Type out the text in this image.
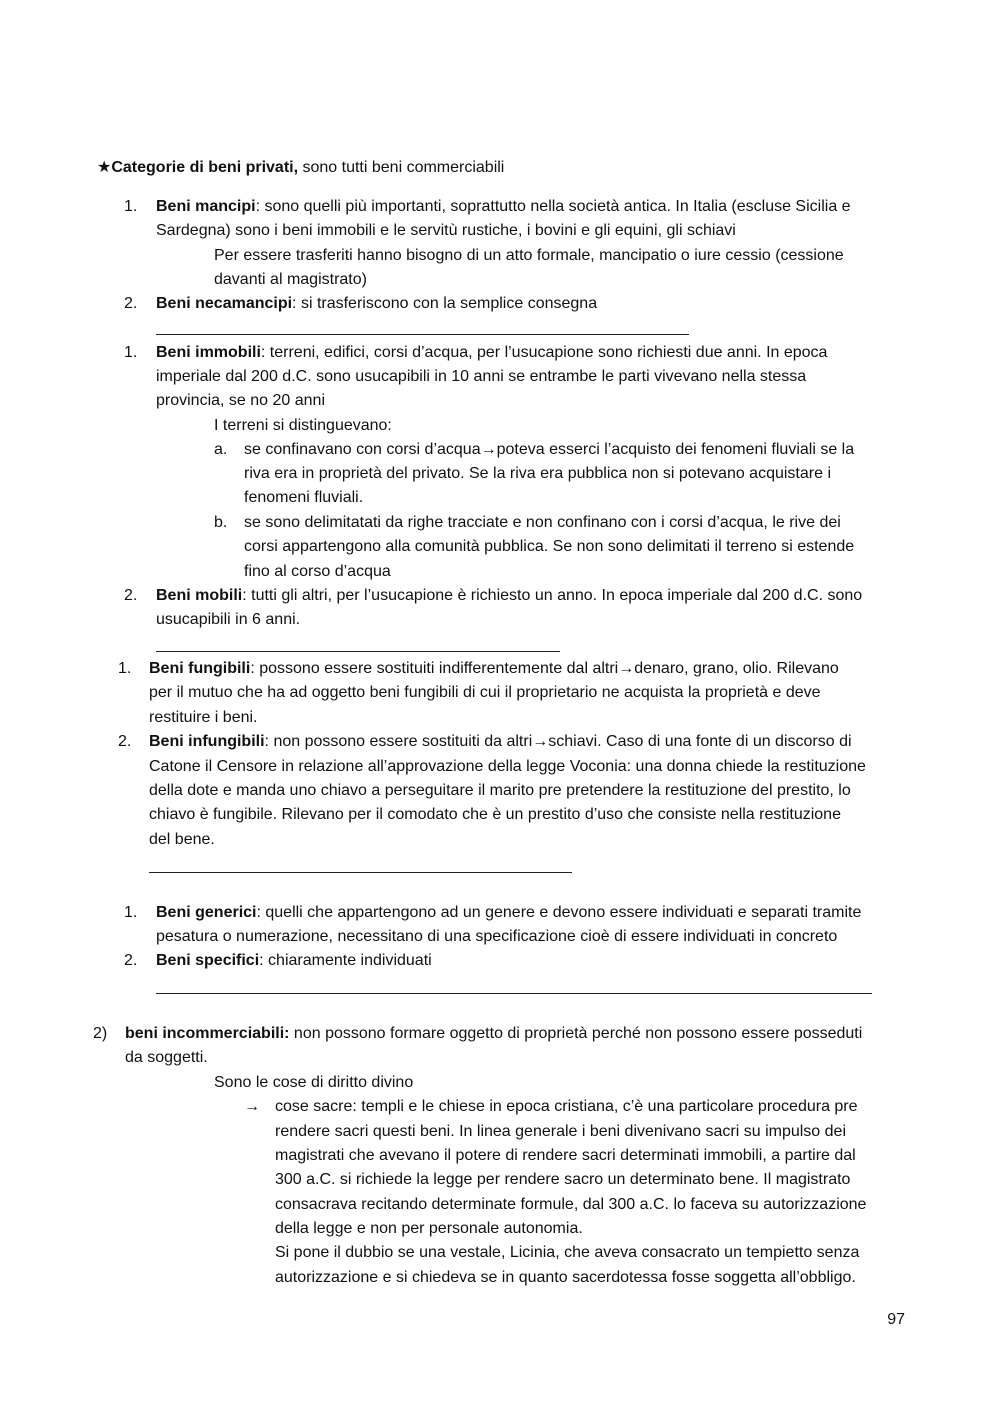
★Categorie di beni privati, sono tutti beni commerciabili
1. Beni mancipi: sono quelli più importanti, soprattutto nella società antica. In Italia (escluse Sicilia e
Sardegna) sono i beni immobili e le servitù rustiche, i bovini e gli equini, gli schiavi
Per essere trasferiti hanno bisogno di un atto formale, mancipatio o iure cessio (cessione
davanti al magistrato)
2. Beni necamancipi: si trasferiscono con la semplice consegna
1. Beni immobili: terreni, edifici, corsi d’acqua, per l’usucapione sono richiesti due anni. In epoca
imperiale dal 200 d.C. sono usucapibili in 10 anni se entrambe le parti vivevano nella stessa
provincia, se no 20 anni
I terreni si distinguevano:
a. se confinavano con corsi d’acqua→poteva esserci l’acquisto dei fenomeni fluviali se la
riva era in proprietà del privato. Se la riva era pubblica non si potevano acquistare i
fenomeni fluviali.
b. se sono delimitatati da righe tracciate e non confinano con i corsi d’acqua, le rive dei
corsi appartengono alla comunità pubblica. Se non sono delimitati il terreno si estende
fino al corso d’acqua
2. Beni mobili: tutti gli altri, per l’usucapione è richiesto un anno. In epoca imperiale dal 200 d.C. sono
usucapibili in 6 anni.
1. Beni fungibili: possono essere sostituiti indifferentemente dal altri→denaro, grano, olio. Rilevano
per il mutuo che ha ad oggetto beni fungibili di cui il proprietario ne acquista la proprietà e deve
restituire i beni.
2. Beni infungibili: non possono essere sostituiti da altri→schiavi. Caso di una fonte di un discorso di
Catone il Censore in relazione all’approvazione della legge Voconia: una donna chiede la restituzione
della dote e manda uno chiavo a perseguitare il marito pre pretendere la restituzione del prestito, lo
chiavo è fungibile. Rilevano per il comodato che è un prestito d’uso che consiste nella restituzione
del bene.
1. Beni generici: quelli che appartengono ad un genere e devono essere individuati e separati tramite
pesatura o numerazione, necessitano di una specificazione cioè di essere individuati in concreto
2. Beni specifici: chiaramente individuati
2) beni incommerciabili: non possono formare oggetto di proprietà perché non possono essere posseduti
da soggetti.
Sono le cose di diritto divino
→ cose sacre: templi e le chiese in epoca cristiana, c’è una particolare procedura pre
rendere sacri questi beni. In linea generale i beni divenivano sacri su impulso dei
magistrati che avevano il potere di rendere sacri determinati immobili, a partire dal
300 a.C. si richiede la legge per rendere sacro un determinato bene. Il magistrato
consacrava recitando determinate formule, dal 300 a.C. lo faceva su autorizzazione
della legge e non per personale autonomia.
Si pone il dubbio se una vestale, Licinia, che aveva consacrato un tempietto senza
autorizzazione e si chiedeva se in quanto sacerdotessa fosse soggetta all’obbligo.
97
